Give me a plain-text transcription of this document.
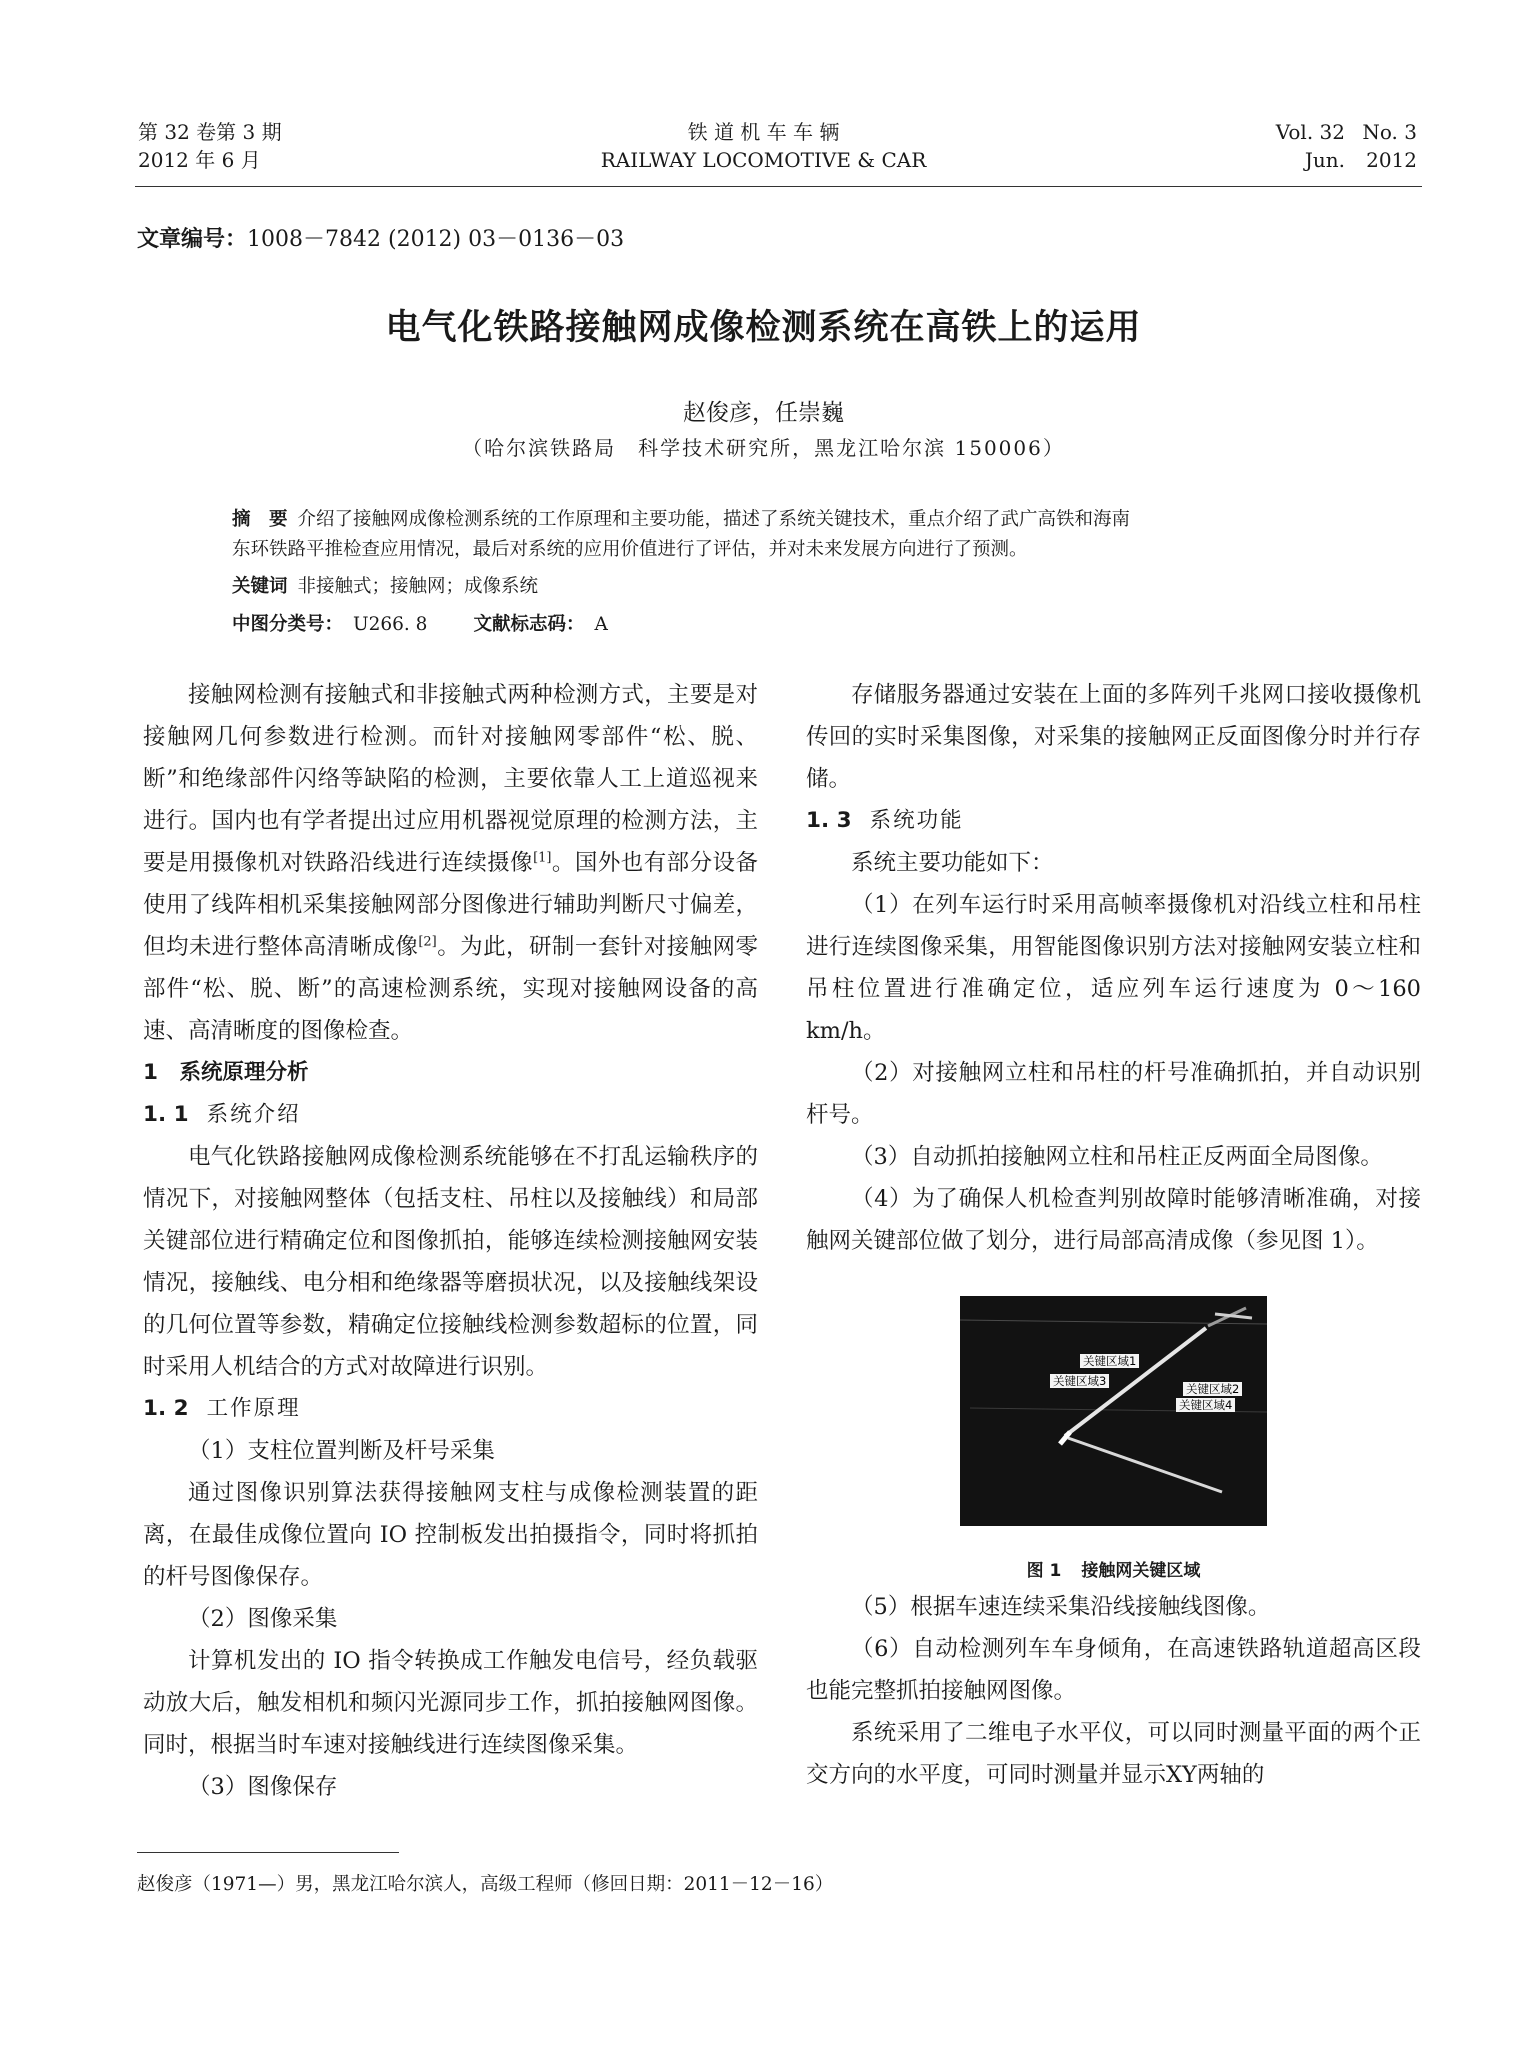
第 32 卷第 3 期
2012 年 6 月
铁 道 机 车 车 辆
RAILWAY LOCOMOTIVE & CAR
Vol. 32 No. 3
Jun. 2012
文章编号：1008－7842 (2012) 03－0136－03
电气化铁路接触网成像检测系统在高铁上的运用
赵俊彦，任崇巍
（哈尔滨铁路局　科学技术研究所，黑龙江哈尔滨 150006）
摘　要 介绍了接触网成像检测系统的工作原理和主要功能，描述了系统关键技术，重点介绍了武广高铁和海南
东环铁路平推检查应用情况，最后对系统的应用价值进行了评估，并对未来发展方向进行了预测。
关键词 非接触式；接触网；成像系统
中图分类号： U266. 8 文献标志码： A

接触网检测有接触式和非接触式两种检测方式，主要是对接触网几何参数进行检测。而针对接触网零部件“松、脱、断”和绝缘部件闪络等缺陷的检测，主要依靠人工上道巡视来进行。国内也有学者提出过应用机器视觉原理的检测方法，主要是用摄像机对铁路沿线进行连续摄像[1]。国外也有部分设备使用了线阵相机采集接触网部分图像进行辅助判断尺寸偏差，但均未进行整体高清晰成像[2]。为此，研制一套针对接触网零部件“松、脱、断”的高速检测系统，实现对接触网设备的高速、高清晰度的图像检查。

1　系统原理分析

1. 1 系统介绍

电气化铁路接触网成像检测系统能够在不打乱运输秩序的情况下，对接触网整体（包括支柱、吊柱以及接触线）和局部关键部位进行精确定位和图像抓拍，能够连续检测接触网安装情况，接触线、电分相和绝缘器等磨损状况，以及接触线架设的几何位置等参数，精确定位接触线检测参数超标的位置，同时采用人机结合的方式对故障进行识别。

1. 2 工作原理

（1）支柱位置判断及杆号采集

通过图像识别算法获得接触网支柱与成像检测装置的距离，在最佳成像位置向 IO 控制板发出拍摄指令，同时将抓拍的杆号图像保存。

（2）图像采集

计算机发出的 IO 指令转换成工作触发电信号，经负载驱动放大后，触发相机和频闪光源同步工作，抓拍接触网图像。同时，根据当时车速对接触线进行连续图像采集。

（3）图像保存

存储服务器通过安装在上面的多阵列千兆网口接收摄像机传回的实时采集图像，对采集的接触网正反面图像分时并行存储。

1. 3 系统功能

系统主要功能如下：

（1）在列车运行时采用高帧率摄像机对沿线立柱和吊柱进行连续图像采集，用智能图像识别方法对接触网安装立柱和吊柱位置进行准确定位，适应列车运行速度为 0～160 km/h。

（2）对接触网立柱和吊柱的杆号准确抓拍，并自动识别杆号。

（3）自动抓拍接触网立柱和吊柱正反两面全局图像。

（4）为了确保人机检查判别故障时能够清晰准确，对接触网关键部位做了划分，进行局部高清成像（参见图 1）。

关键区域1
关键区域3
关键区域2
关键区域4
图 1 接触网关键区域

（5）根据车速连续采集沿线接触线图像。

（6）自动检测列车车身倾角，在高速铁路轨道超高区段也能完整抓拍接触网图像。

系统采用了二维电子水平仪，可以同时测量平面的两个正交方向的水平度，可同时测量并显示XY两轴的

赵俊彦（1971—）男，黑龙江哈尔滨人，高级工程师（修回日期：2011－12－16）
